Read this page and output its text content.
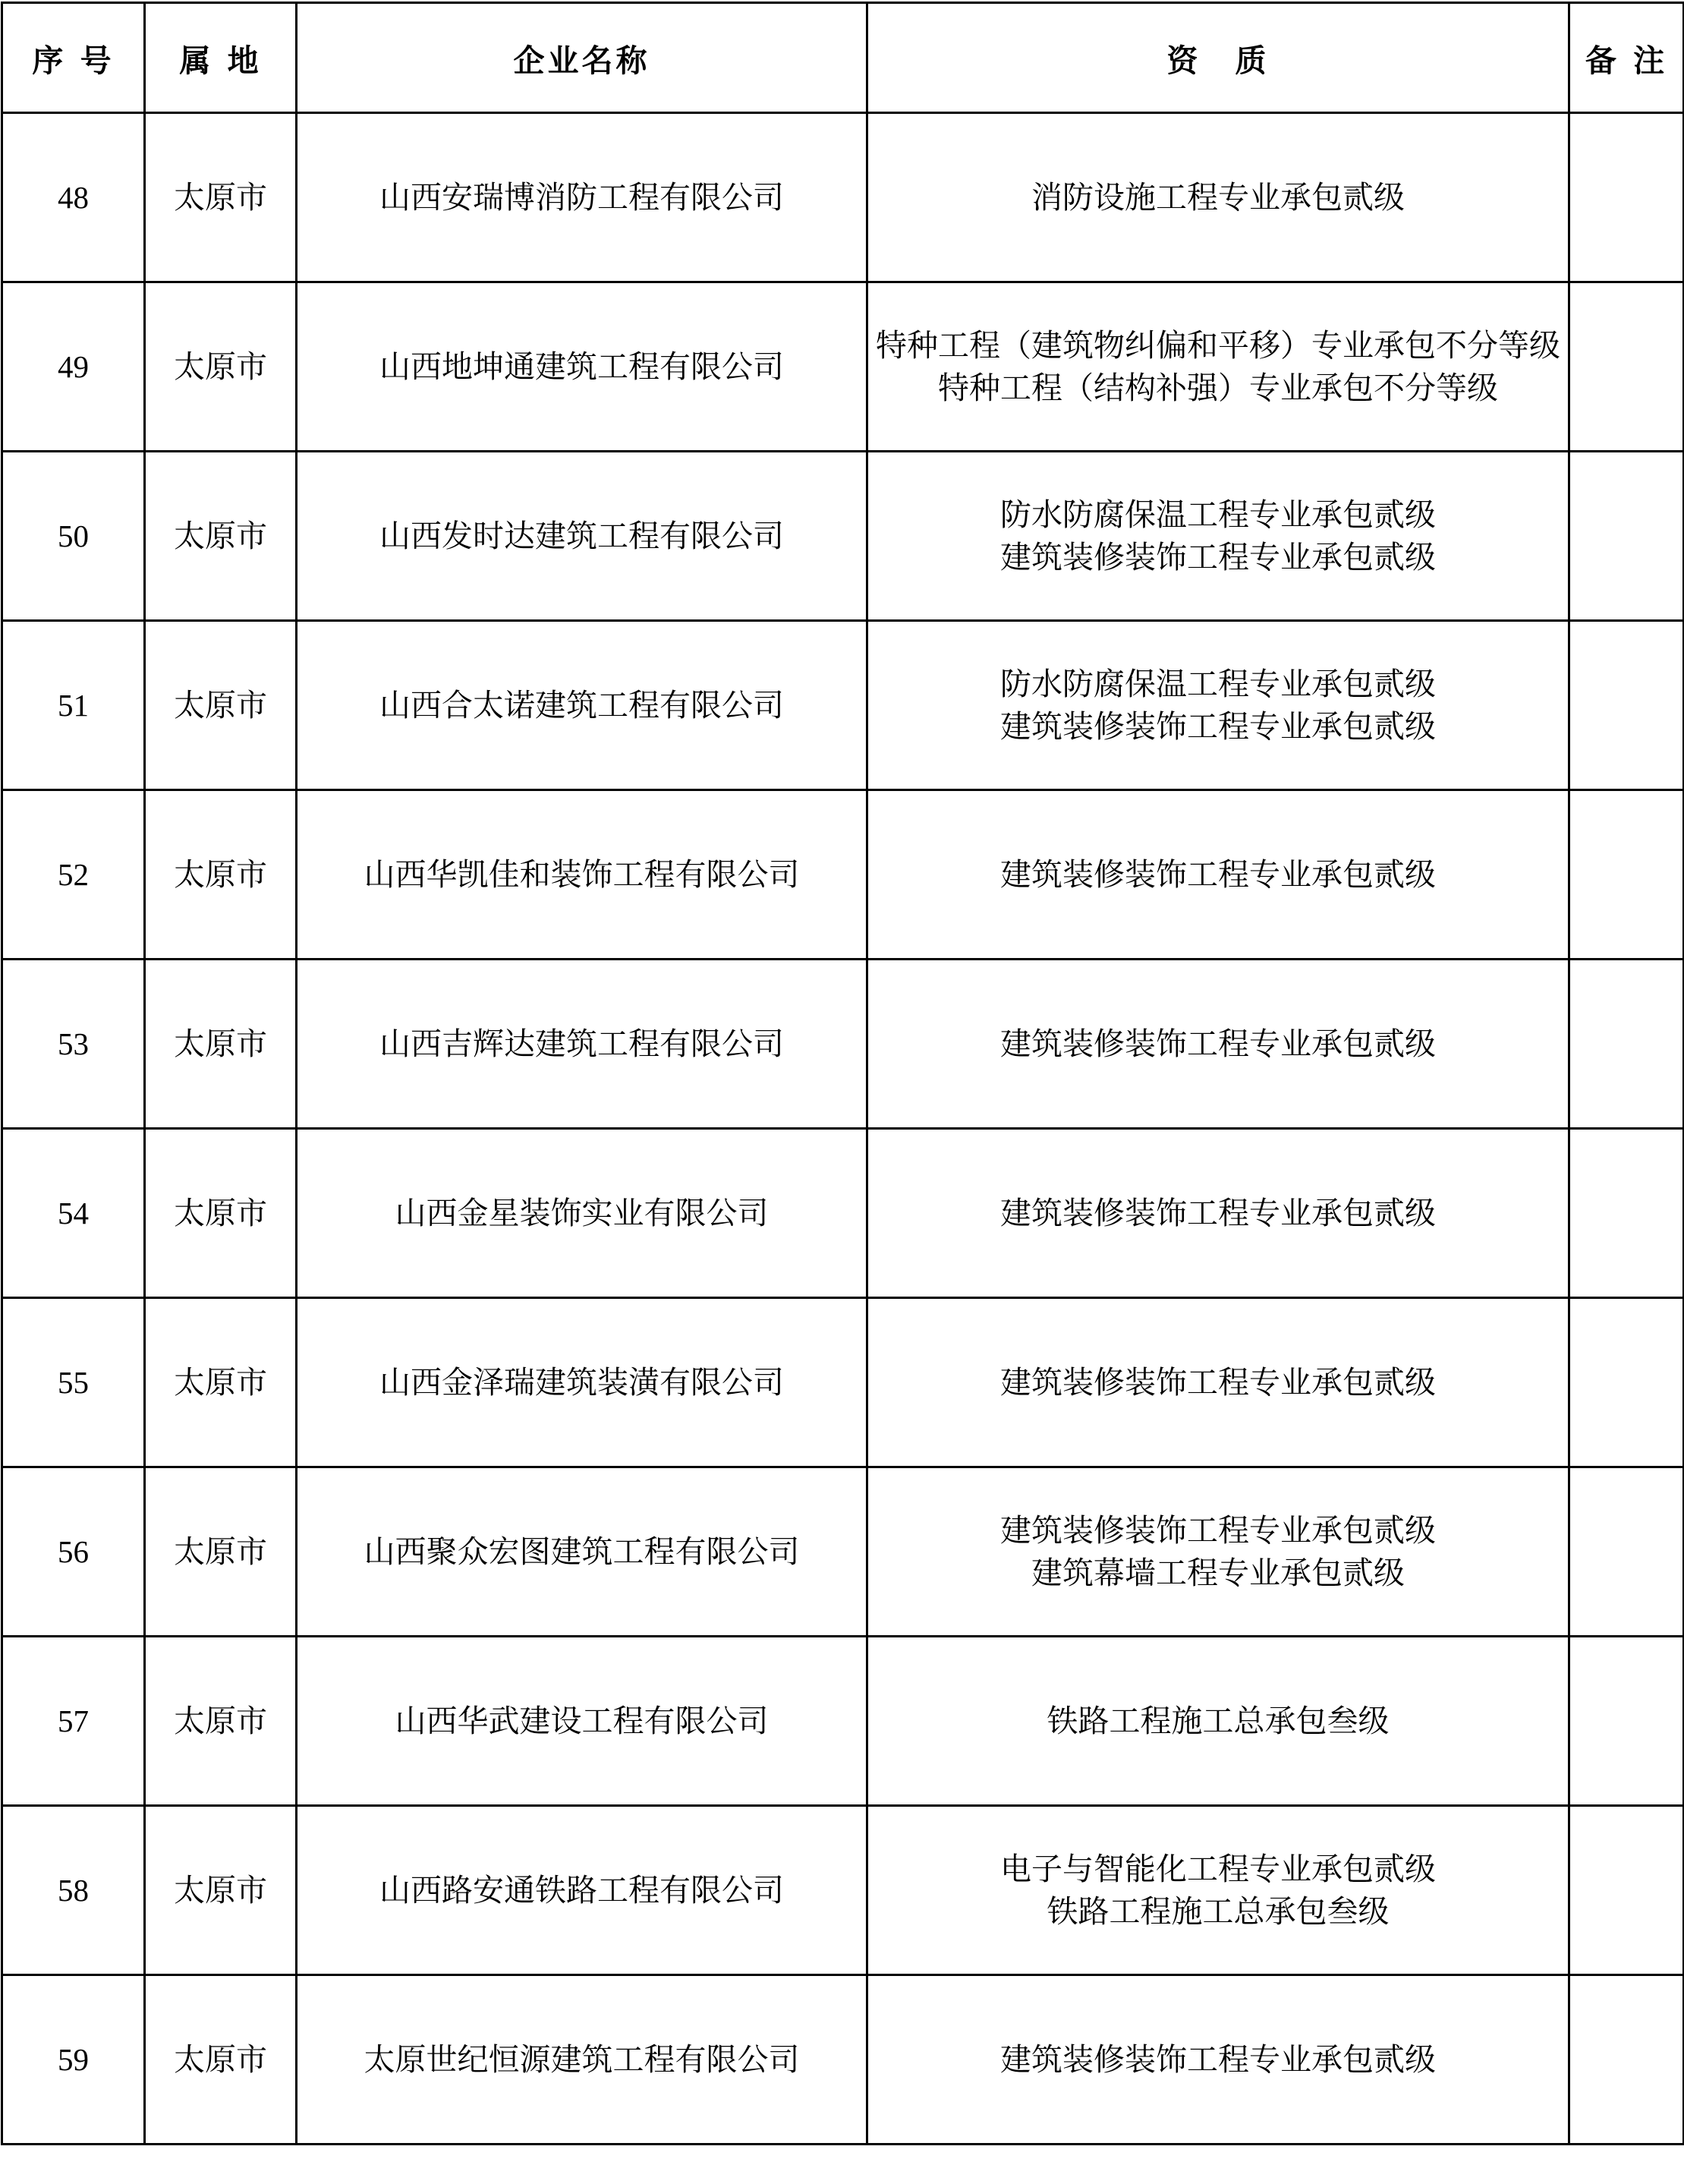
序 号	属 地	企业名称	资　质	备 注
48	太原市	山西安瑞博消防工程有限公司	消防设施工程专业承包贰级	

49	太原市	山西地坤通建筑工程有限公司	特种工程（建筑物纠偏和平移）专业承包不分等级
特种工程（结构补强）专业承包不分等级	

50	太原市	山西发时达建筑工程有限公司	防水防腐保温工程专业承包贰级
建筑装修装饰工程专业承包贰级	

51	太原市	山西合太诺建筑工程有限公司	防水防腐保温工程专业承包贰级
建筑装修装饰工程专业承包贰级	

52	太原市	山西华凯佳和装饰工程有限公司	建筑装修装饰工程专业承包贰级	

53	太原市	山西吉辉达建筑工程有限公司	建筑装修装饰工程专业承包贰级	

54	太原市	山西金星装饰实业有限公司	建筑装修装饰工程专业承包贰级	

55	太原市	山西金泽瑞建筑装潢有限公司	建筑装修装饰工程专业承包贰级	

56	太原市	山西聚众宏图建筑工程有限公司	建筑装修装饰工程专业承包贰级
建筑幕墙工程专业承包贰级	

57	太原市	山西华武建设工程有限公司	铁路工程施工总承包叁级	

58	太原市	山西路安通铁路工程有限公司	电子与智能化工程专业承包贰级
铁路工程施工总承包叁级	

59	太原市	太原世纪恒源建筑工程有限公司	建筑装修装饰工程专业承包贰级	
